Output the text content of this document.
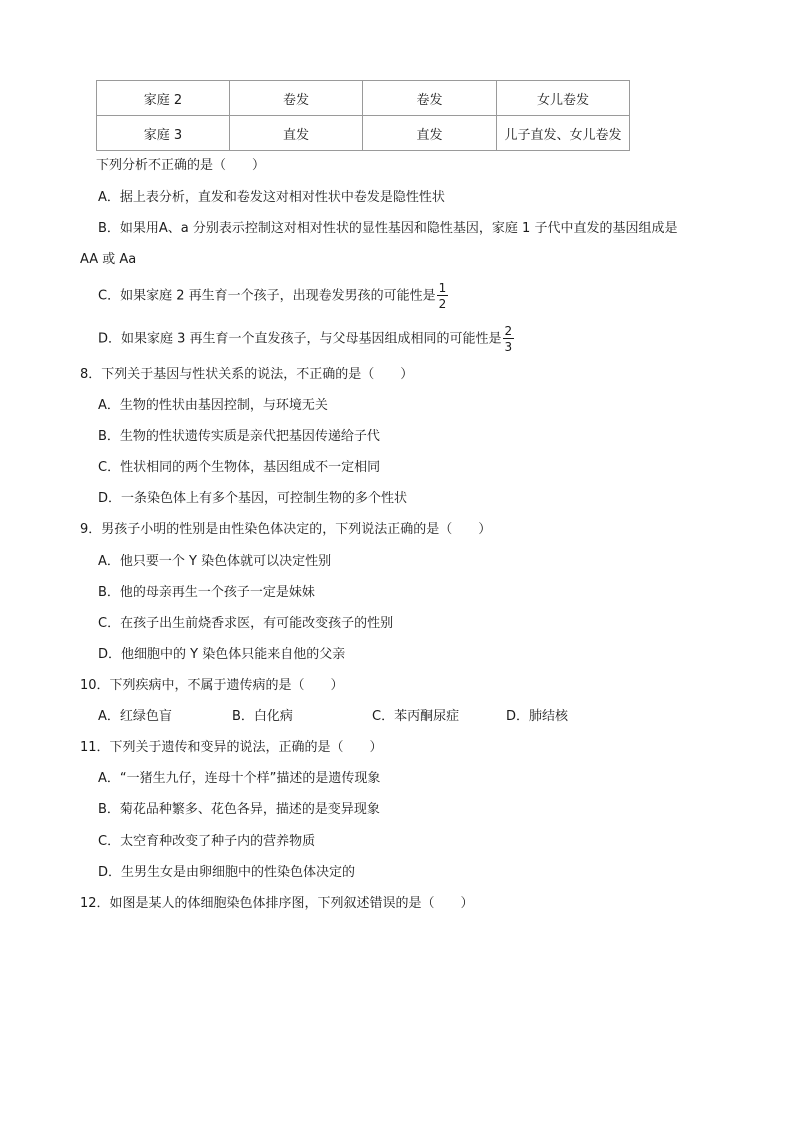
家庭 2	卷发	卷发	女儿卷发
家庭 3	直发	直发	儿子直发、女儿卷发
下列分析不正确的是（　　）
A．据上表分析，直发和卷发这对相对性状中卷发是隐性性状
B．如果用A、a 分别表示控制这对相对性状的显性基因和隐性基因，家庭 1 子代中直发的基因组成是
AA 或 Aa
C．如果家庭 2 再生育一个孩子，出现卷发男孩的可能性是 $\frac{1}{2}$
D．如果家庭 3 再生育一个直发孩子，与父母基因组成相同的可能性是 $\frac{2}{3}$
8．下列关于基因与性状关系的说法，不正确的是（　　）
A．生物的性状由基因控制，与环境无关
B．生物的性状遗传实质是亲代把基因传递给子代
C．性状相同的两个生物体，基因组成不一定相同
D．一条染色体上有多个基因，可控制生物的多个性状
9．男孩子小明的性别是由性染色体决定的，下列说法正确的是（　　）
A．他只要一个 Y 染色体就可以决定性别
B．他的母亲再生一个孩子一定是妹妹
C．在孩子出生前烧香求医，有可能改变孩子的性别
D．他细胞中的 Y 染色体只能来自他的父亲
10．下列疾病中，不属于遗传病的是（　　）
A．红绿色盲	B．白化病	C．苯丙酮尿症	D．肺结核
11．下列关于遗传和变异的说法，正确的是（　　）
A．“一猪生九仔，连母十个样”描述的是遗传现象
B．菊花品种繁多、花色各异，描述的是变异现象
C．太空育种改变了种子内的营养物质
D．生男生女是由卵细胞中的性染色体决定的
12．如图是某人的体细胞染色体排序图，下列叙述错误的是（　　）
